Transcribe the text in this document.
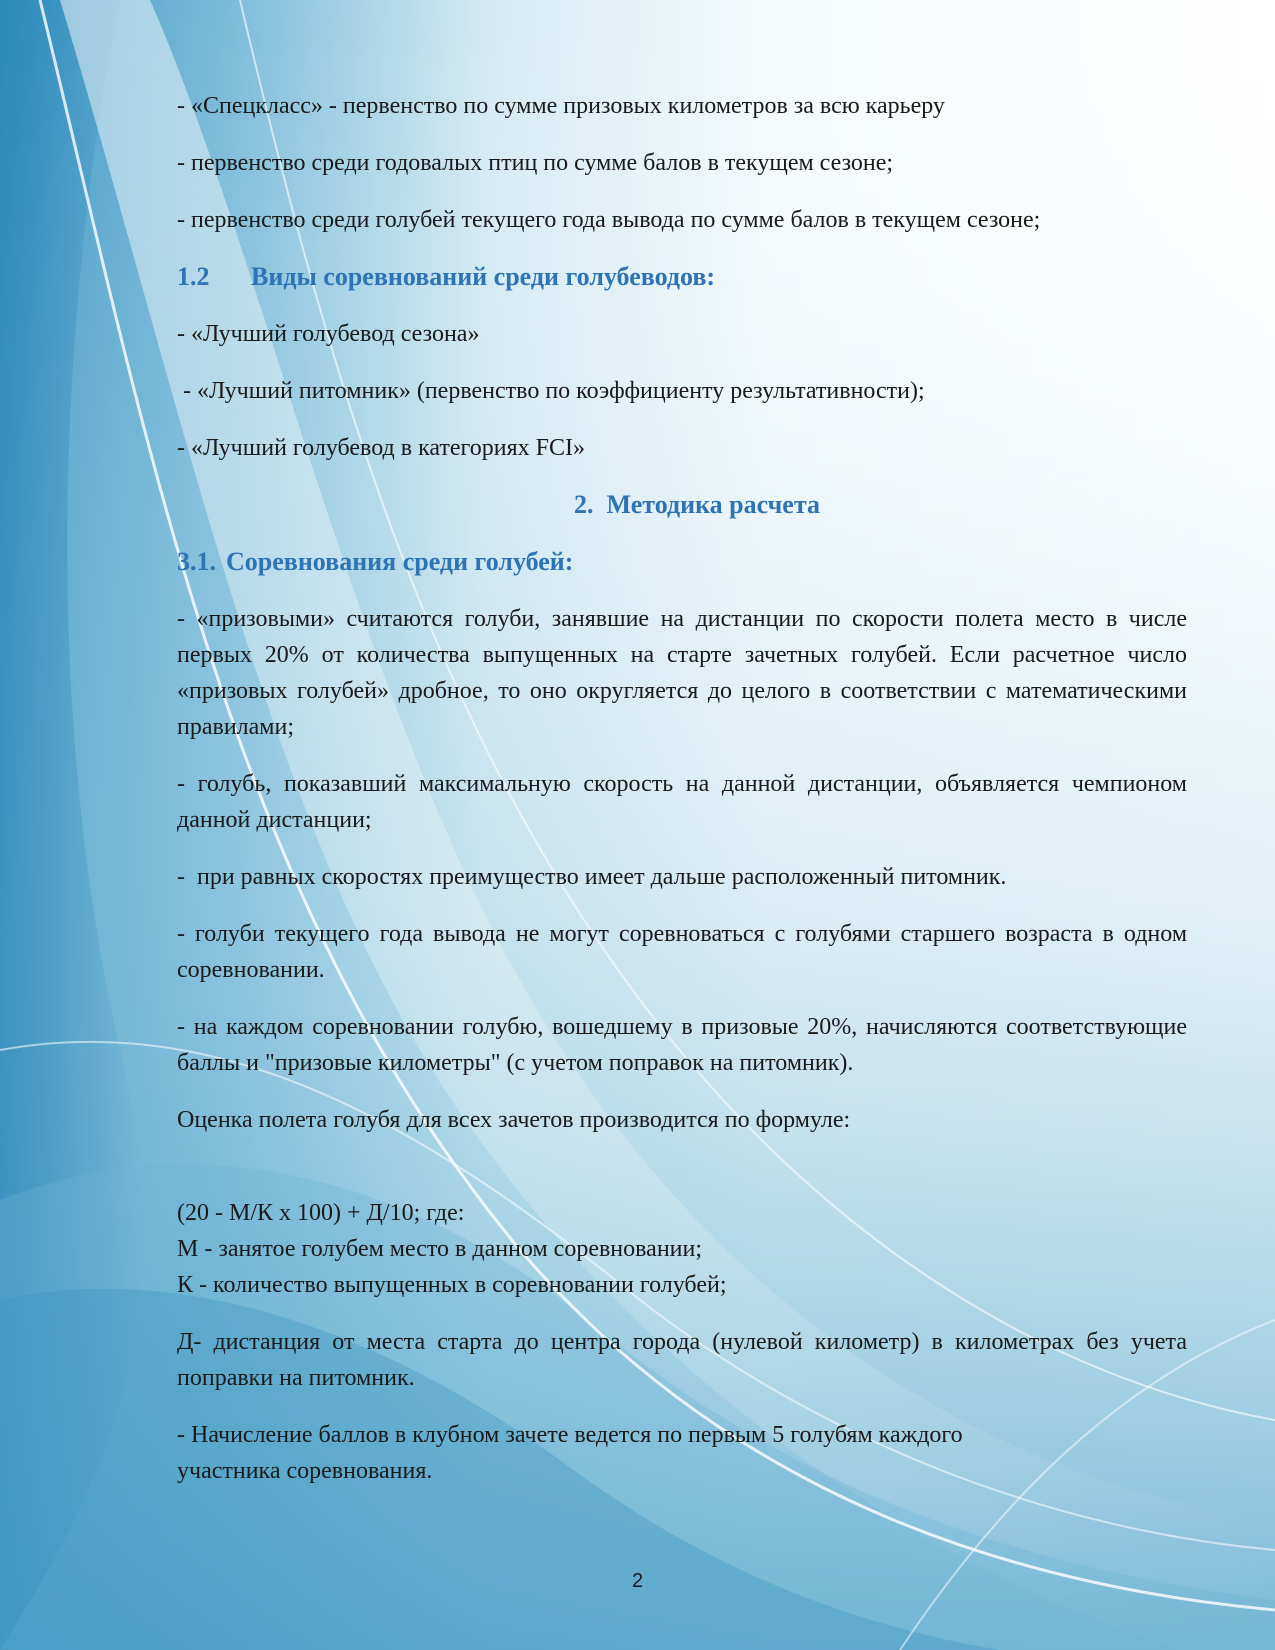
- «Спецкласс» - первенство по сумме призовых километров за всю карьеру

- первенство среди годовалых птиц по сумме балов в текущем сезоне;

- первенство среди голубей текущего года вывода по сумме балов в текущем сезоне;

1.2 Виды соревнований среди голубеводов:

- «Лучший голубевод сезона»

- «Лучший питомник» (первенство по коэффициенту результативности);

- «Лучший голубевод в категориях FCI»

2. Методика расчета
3.1. Соревнования среди голубей:

- «призовыми» считаются голуби, занявшие на дистанции по скорости полета место в числе первых 20% от количества выпущенных на старте зачетных голубей. Если расчетное число «призовых голубей» дробное, то оно округляется до целого в соответствии с математическими правилами;

- голубь, показавший максимальную скорость на данной дистанции, объявляется чемпионом данной дистанции;

-  при равных скоростях преимущество имеет дальше расположенный питомник.

- голуби текущего года вывода не могут соревноваться с голубями старшего возраста в одном соревновании.

- на каждом соревновании голубю, вошедшему в призовые 20%, начисляются соответствующие баллы и "призовые километры" (с учетом поправок на питомник).

Оценка полета голубя для всех зачетов производится по формуле:

(20 - М/К х 100) + Д/10; где:

М - занятое голубем место в данном соревновании;

К - количество выпущенных в соревновании голубей;

Д- дистанция от места старта до центра города (нулевой километр) в километрах без учета поправки на питомник.

- Начисление баллов в клубном зачете ведется по первым 5 голубям каждого

участника соревнования.

2
